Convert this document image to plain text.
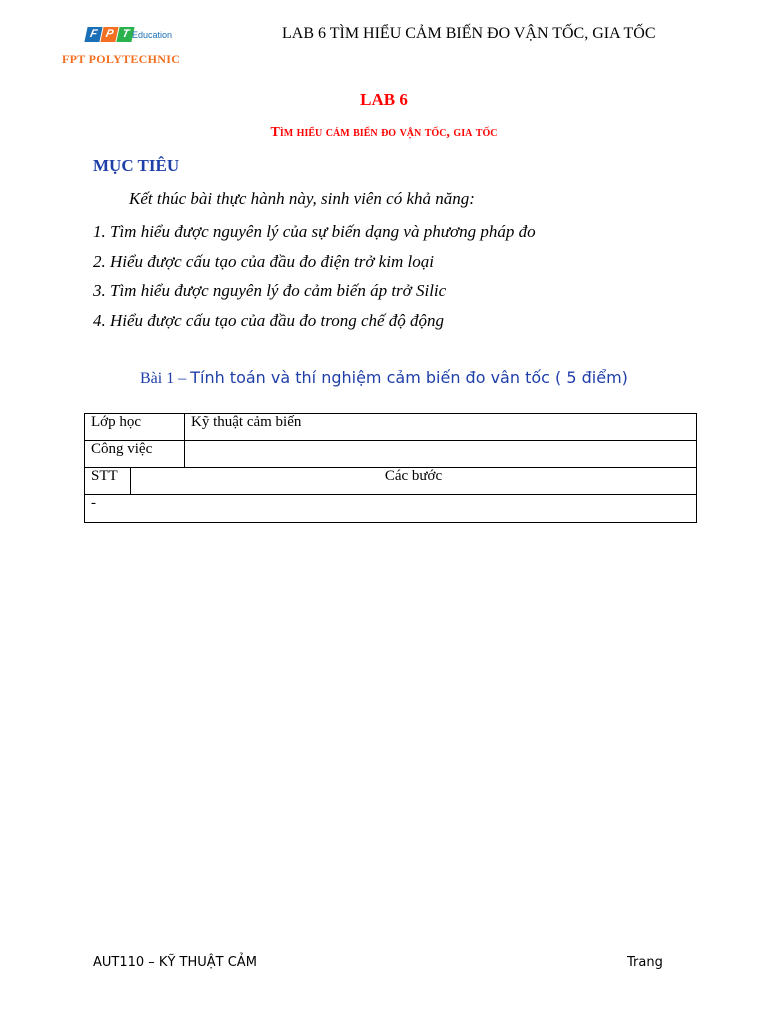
F P T Education
FPT POLYTECHNIC
LAB 6 TÌM HIỂU CẢM BIẾN ĐO VẬN TỐC, GIA TỐC
LAB 6
Tìm hiểu cảm biến đo vận tốc, gia tốc
MỤC TIÊU
Kết thúc bài thực hành này, sinh viên có khả năng:
1. Tìm hiểu được nguyên lý của sự biến dạng và phương pháp đo
2. Hiểu được cấu tạo của đầu đo điện trở kim loại
3. Tìm hiểu được nguyên lý đo cảm biến áp trở Silic
4. Hiểu được cấu tạo của đầu đo trong chế độ động
Bài 1 – Tính toán và thí nghiệm cảm biến đo vân tốc ( 5 điểm)
Lớp học	Kỹ thuật cảm biến
Công việc
STT	Các bước
-
AUT110 – KỸ THUẬT CẢM	Trang
